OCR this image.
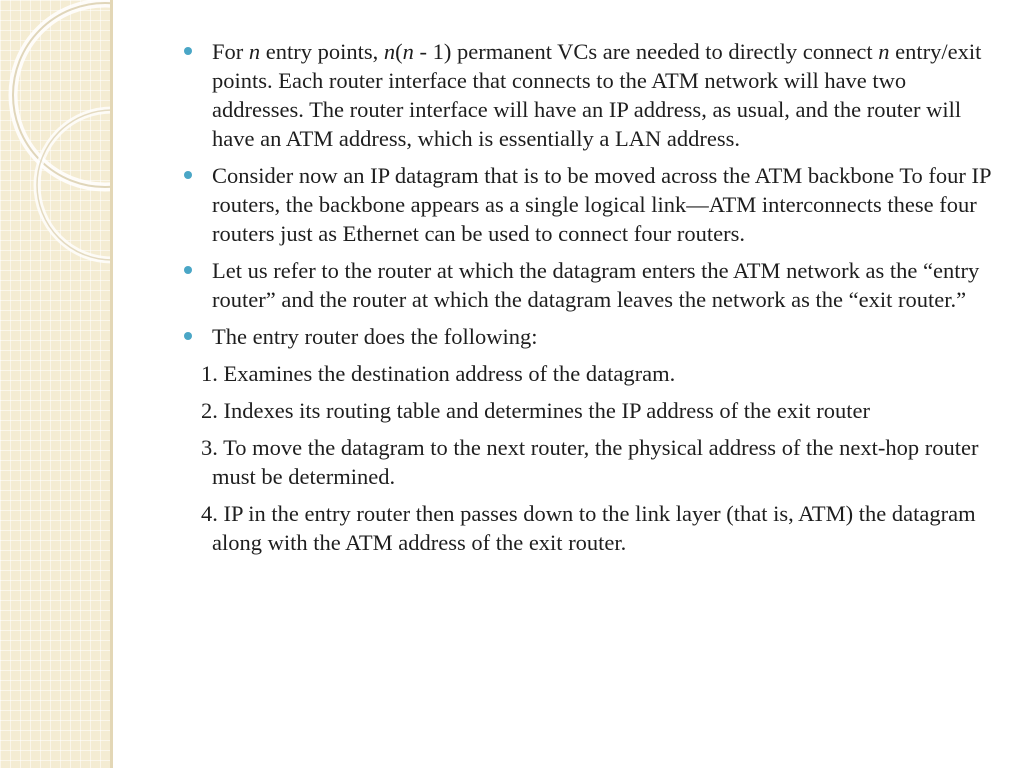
For n entry points, n(n - 1) permanent VCs are needed to directly connect n entry/exit points. Each router interface that connects to the ATM network will have two addresses. The router interface will have an IP address, as usual, and the router will have an ATM address, which is essentially a LAN address.
Consider now an IP datagram that is to be moved across the ATM backbone To four IP routers, the backbone appears as a single logical link—ATM interconnects these four routers just as Ethernet can be used to connect four routers.
Let us refer to the router at which the datagram enters the ATM network as the “entry router” and the router at which the datagram leaves the network as the “exit router.”
The entry router does the following:
1. Examines the destination address of the datagram.
2. Indexes its routing table and determines the IP address of the exit router
3. To move the datagram to the next router, the physical address of the next-hop router must be determined.
4. IP in the entry router then passes down to the link layer (that is, ATM) the datagram along with the ATM address of the exit router.
